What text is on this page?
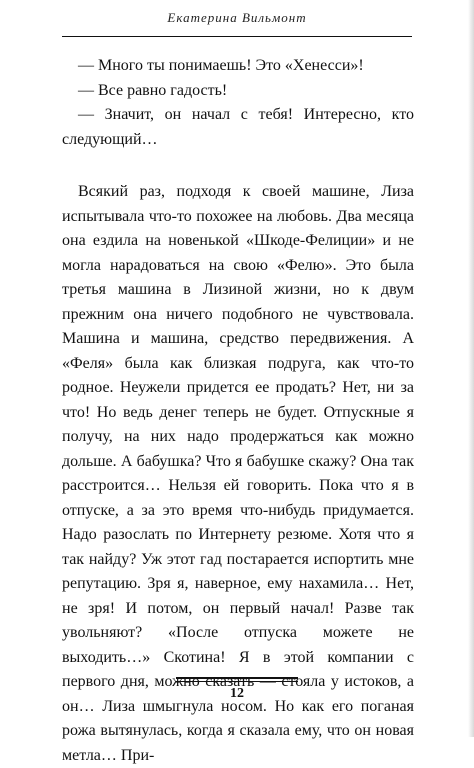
Екатерина Вильмонт

— Много ты понимаешь! Это «Хенесси»!

— Все равно гадость!

— Значит, он начал с тебя! Интересно, кто следующий…

Всякий раз, подходя к своей машине, Лиза испытывала что-то похожее на любовь. Два месяца она ездила на новенькой «Шкоде-Фелиции» и не могла нарадоваться на свою «Фелю». Это была третья машина в Лизиной жизни, но к двум прежним она ничего подобного не чувствовала. Машина и машина, средство передвижения. А «Феля» была как близкая подруга, как что-то родное. Неужели придется ее продать? Нет, ни за что! Но ведь денег теперь не будет. Отпускные я получу, на них надо продержаться как можно дольше. А бабушка? Что я бабушке скажу? Она так расстроится… Нельзя ей говорить. Пока что я в отпуске, а за это время что-нибудь придумается. Надо разослать по Интернету резюме. Хотя что я так найду? Уж этот гад постарается испортить мне репутацию. Зря я, наверное, ему нахамила… Нет, не зря! И потом, он первый начал! Разве так увольняют? «После отпуска можете не выходить…» Скотина! Я в этой компании с первого дня, можно сказать — стояла у истоков, а он… Лиза шмыгнула носом. Но как его поганая рожа вытянулась, когда я сказала ему, что он новая метла… При-

12
